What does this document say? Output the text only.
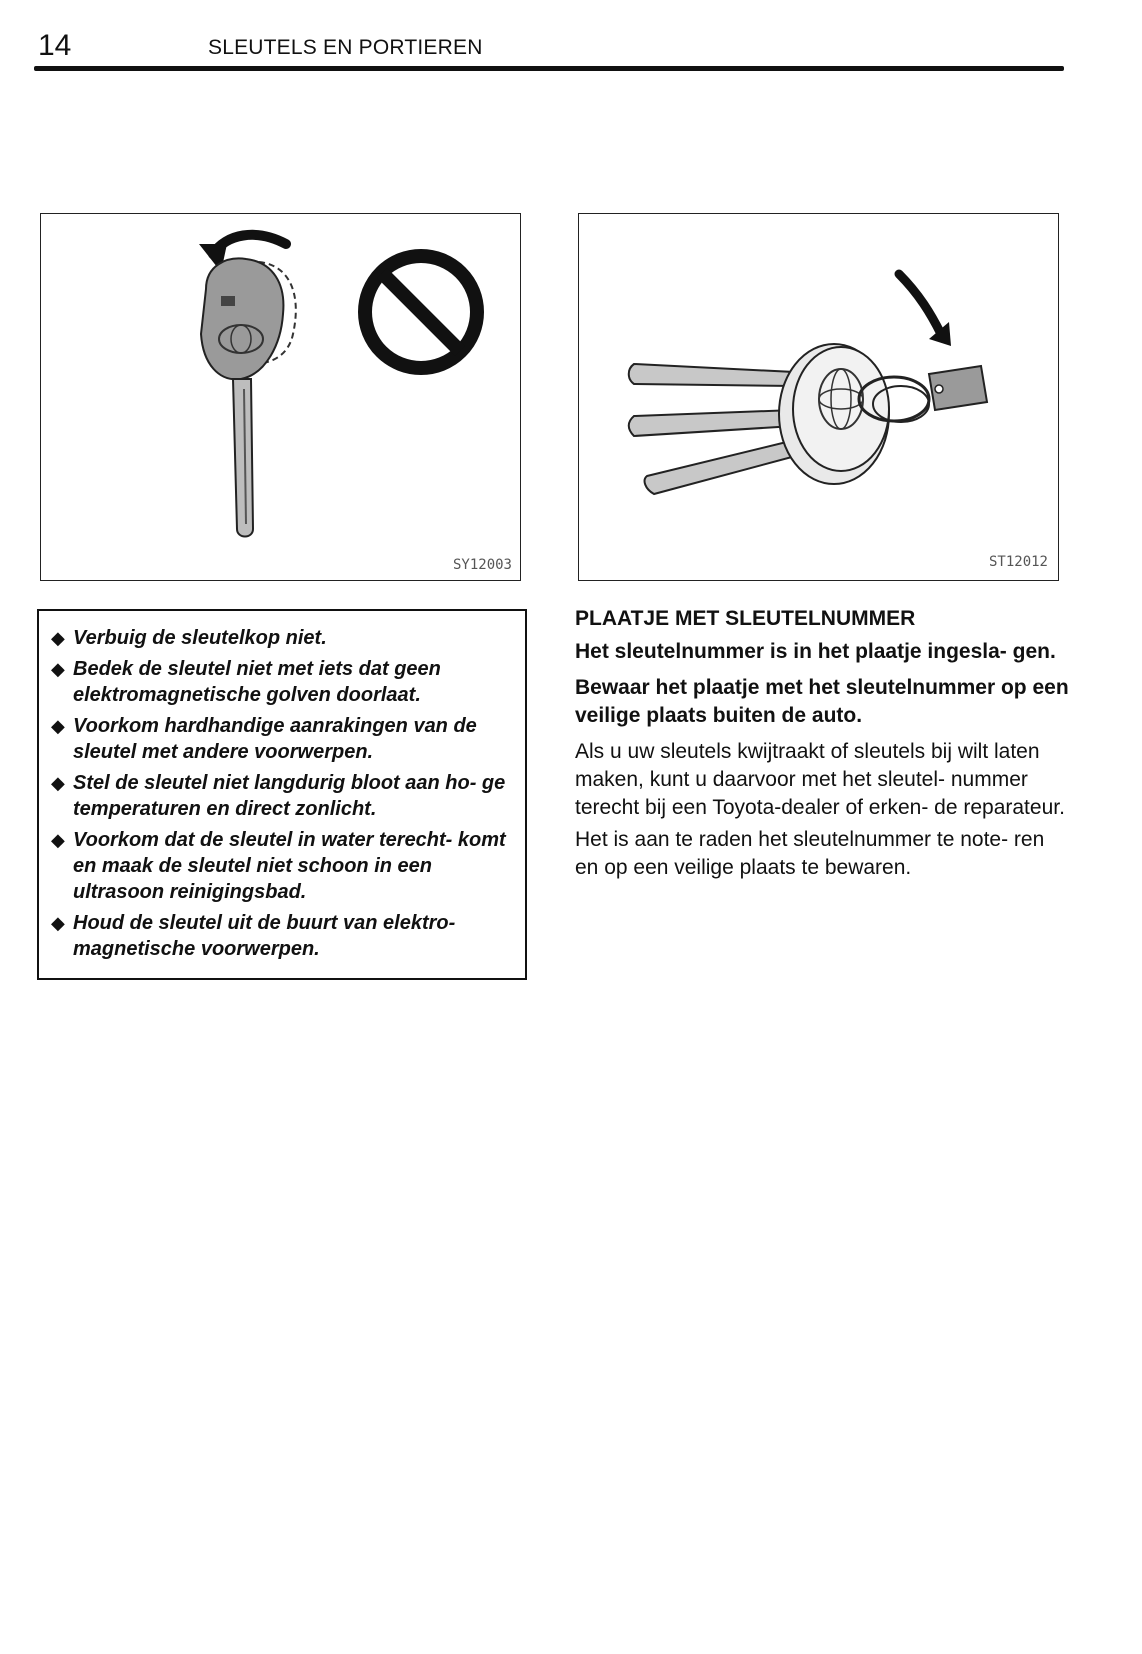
14	SLEUTELS EN PORTIEREN
SY12003	ST12012
◆ Verbuig de sleutelkop niet.
◆ Bedek de sleutel niet met iets dat geen elektromagnetische golven doorlaat.
◆ Voorkom hardhandige aanrakingen van de sleutel met andere voorwerpen.
◆ Stel de sleutel niet langdurig bloot aan ho- ge temperaturen en direct zonlicht.
◆ Voorkom dat de sleutel in water terecht- komt en maak de sleutel niet schoon in een ultrasoon reinigingsbad.
◆ Houd de sleutel uit de buurt van elektro- magnetische voorwerpen.
PLAATJE MET SLEUTELNUMMER
Het sleutelnummer is in het plaatje ingesla- gen.
Bewaar het plaatje met het sleutelnummer op een veilige plaats buiten de auto.
Als u uw sleutels kwijtraakt of sleutels bij wilt laten maken, kunt u daarvoor met het sleutel- nummer terecht bij een Toyota‑dealer of erken- de reparateur.
Het is aan te raden het sleutelnummer te note- ren en op een veilige plaats te bewaren.
